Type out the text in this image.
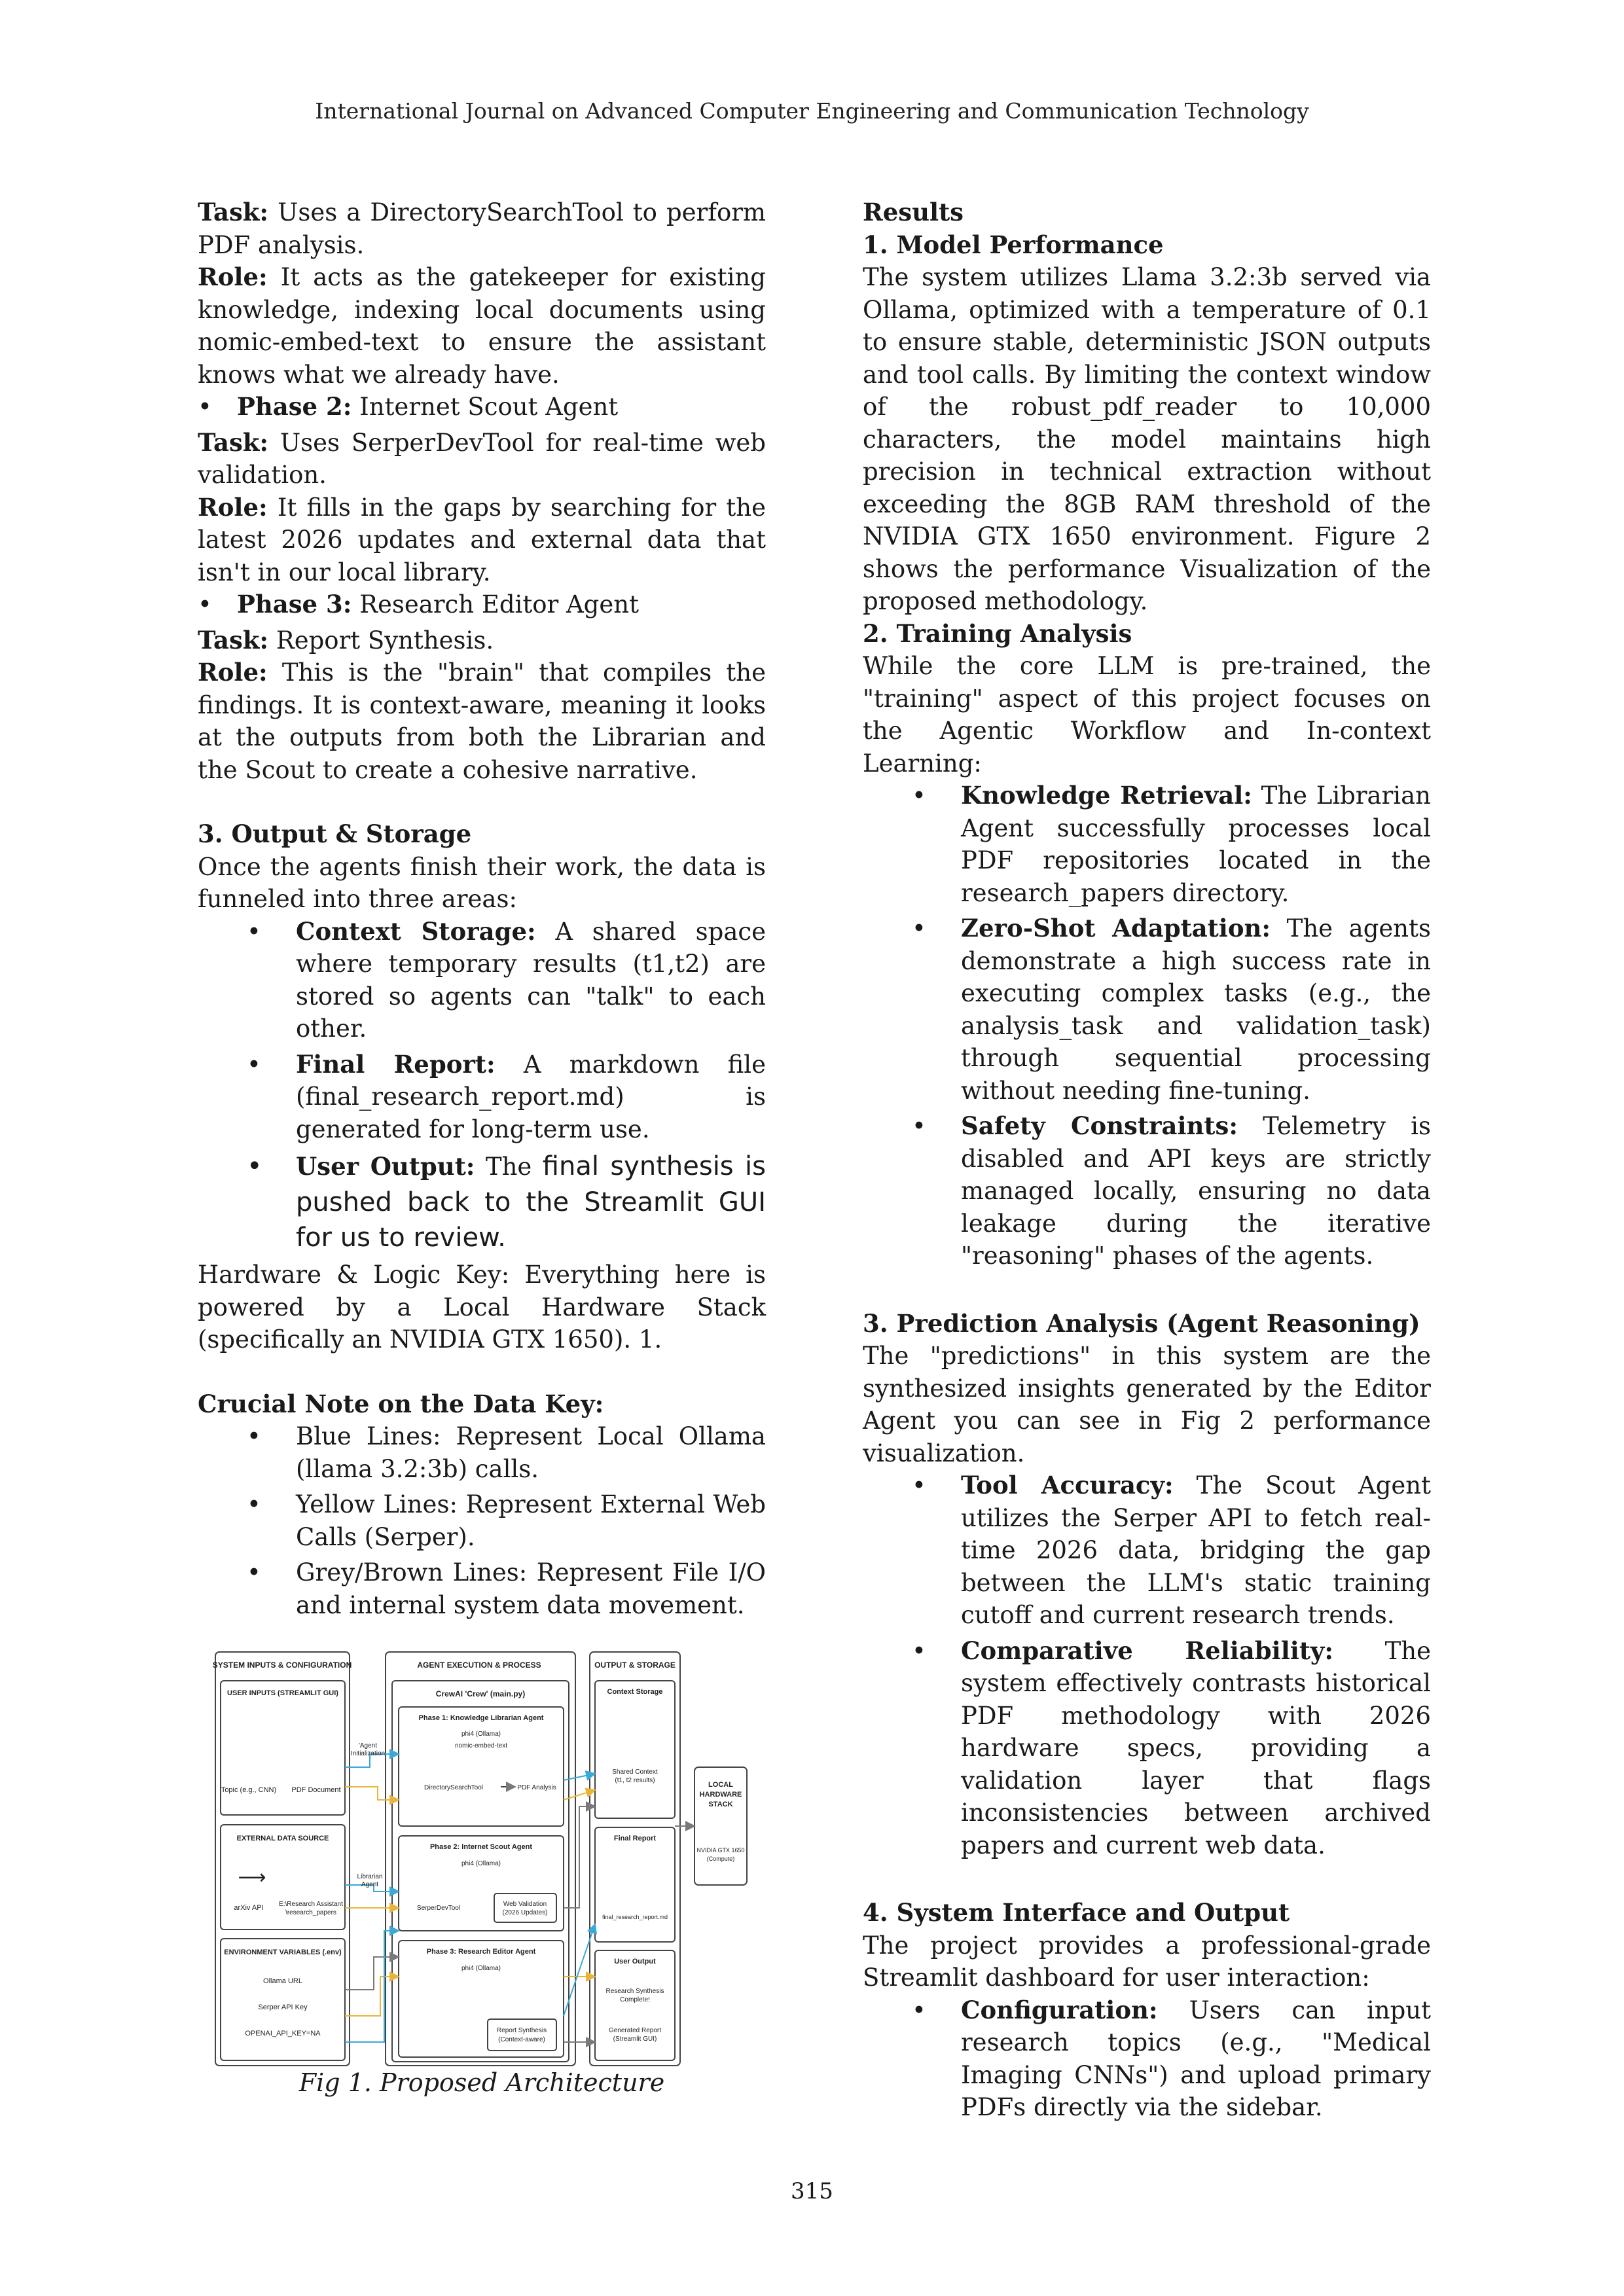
International Journal on Advanced Computer Engineering and Communication Technology

Task: Uses a DirectorySearchTool to perform PDF analysis.

Role: It acts as the gatekeeper for existing knowledge, indexing local documents using nomic-embed-text to ensure the assistant knows what we already have.

• Phase 2: Internet Scout Agent

Task: Uses SerperDevTool for real-time web validation.

Role: It fills in the gaps by searching for the latest 2026 updates and external data that isn't in our local library.

• Phase 3: Research Editor Agent

Task: Report Synthesis.

Role: This is the "brain" that compiles the findings. It is context-aware, meaning it looks at the outputs from both the Librarian and the Scout to create a cohesive narrative.

3. Output & Storage

Once the agents finish their work, the data is funneled into three areas:

• Context Storage: A shared space where temporary results (t1,t2) are stored so agents can "talk" to each other.
• Final Report: A markdown file (final_research_report.md) is generated for long-term use.
• User Output: The final synthesis is pushed back to the Streamlit GUI for us to review.

Hardware & Logic Key: Everything here is powered by a Local Hardware Stack (specifically an NVIDIA GTX 1650). 1.

Crucial Note on the Data Key:

• Blue Lines: Represent Local Ollama (llama 3.2:3b) calls.
• Yellow Lines: Represent External Web Calls (Serper).
• Grey/Brown Lines: Represent File I/O and internal system data movement.
SYSTEM INPUTS & CONFIGURATION	AGENT EXECUTION & PROCESS	OUTPUT & STORAGE
USER INPUTS (STREAMLIT GUI)
Topic (e.g., CNN) PDF Document
EXTERNAL DATA SOURCE
⟶
arXiv API E:\Research Assistant
\research_papers
ENVIRONMENT VARIABLES (.env)
Ollama URL
Serper API Key
OPENAI_API_KEY=NA
'Agent
Initialization
Librarian
Agent
CrewAI 'Crew' (main.py)
Phase 1: Knowledge Librarian Agent
phi4 (Ollama)
nomic-embed-text
DirectorySearchTool	PDF Analysis
Phase 2: Internet Scout Agent
phi4 (Ollama)
SerperDevTool
Web Validation
(2026 Updates)
Phase 3: Research Editor Agent
phi4 (Ollama)
Report Synthesis
(Context-aware)
Context Storage
Shared Context
(t1, t2 results)
Final Report
final_research_report.md
User Output
Research Synthesis
Complete!
Generated Report
(Streamlit GUI)
LOCAL
HARDWARE
STACK
NVIDIA GTX 1650
(Compute)
Fig 1. Proposed Architecture

Results

1. Model Performance

The system utilizes Llama 3.2:3b served via Ollama, optimized with a temperature of 0.1 to ensure stable, deterministic JSON outputs and tool calls. By limiting the context window of the robust_pdf_reader to 10,000 characters, the model maintains high precision in technical extraction without exceeding the 8GB RAM threshold of the NVIDIA GTX 1650 environment. Figure 2 shows the performance Visualization of the proposed methodology.

2. Training Analysis

While the core LLM is pre-trained, the "training" aspect of this project focuses on the Agentic Workflow and In-context Learning:

• Knowledge Retrieval: The Librarian Agent successfully processes local PDF repositories located in the research_papers directory.
• Zero-Shot Adaptation: The agents demonstrate a high success rate in executing complex tasks (e.g., the analysis_task and validation_task) through sequential processing without needing fine-tuning.
• Safety Constraints: Telemetry is disabled and API keys are strictly managed locally, ensuring no data leakage during the iterative "reasoning" phases of the agents.

3. Prediction Analysis (Agent Reasoning)

The "predictions" in this system are the synthesized insights generated by the Editor Agent you can see in Fig 2 performance visualization.

• Tool Accuracy: The Scout Agent utilizes the Serper API to fetch real-time 2026 data, bridging the gap between the LLM's static training cutoff and current research trends.
• Comparative Reliability: The system effectively contrasts historical PDF methodology with 2026 hardware specs, providing a validation layer that flags inconsistencies between archived papers and current web data.

4. System Interface and Output

The project provides a professional-grade Streamlit dashboard for user interaction:

• Configuration: Users can input research topics (e.g., "Medical Imaging CNNs") and upload primary PDFs directly via the sidebar.
315
